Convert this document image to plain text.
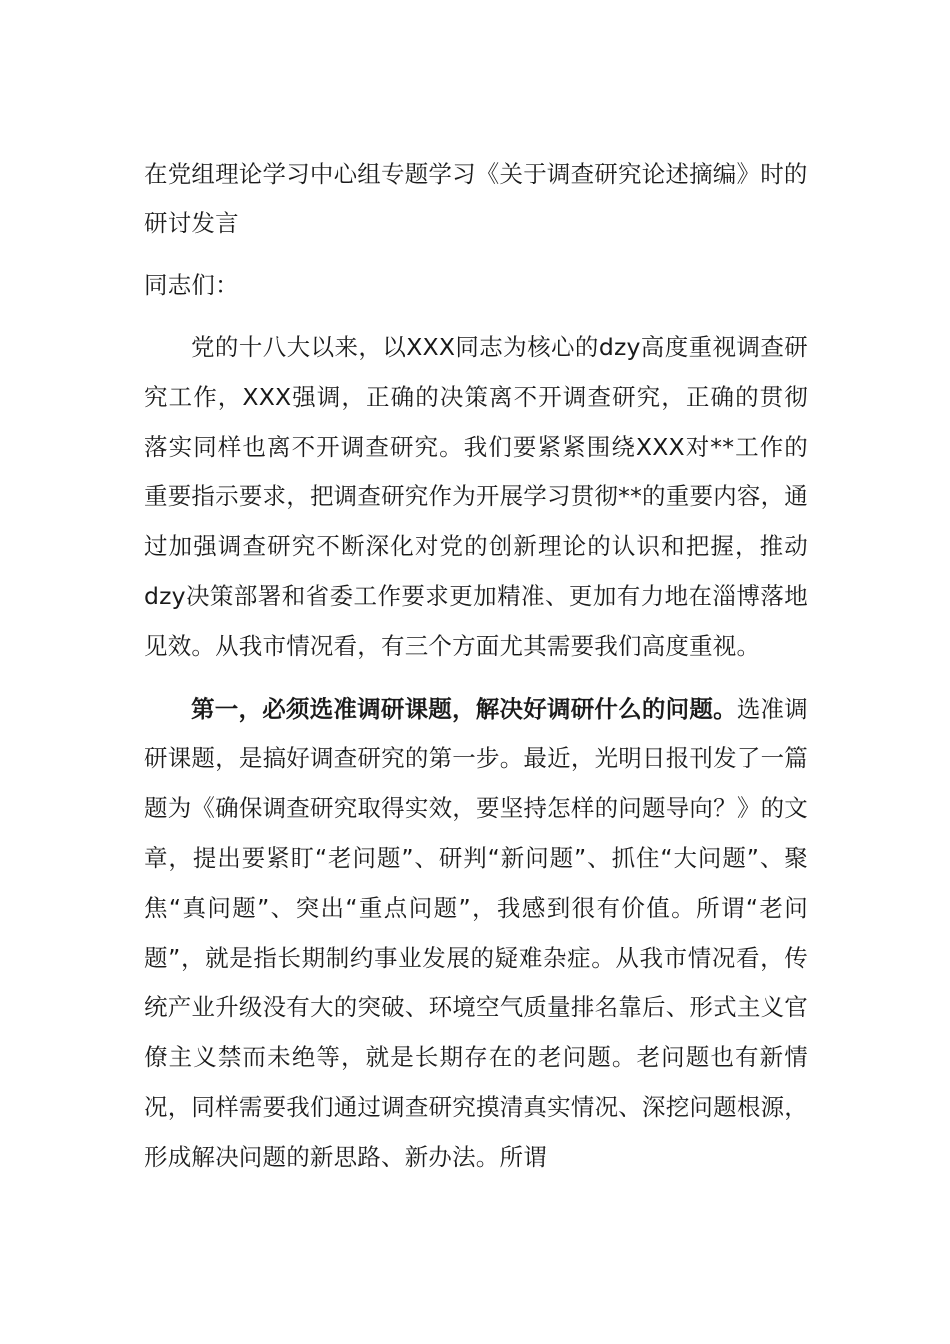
在党组理论学习中心组专题学习《关于调查研究论述摘编》时的研讨发言

同志们：

党的十八大以来，以XXX同志为核心的dzy高度重视调查研究工作，XXX强调，正确的决策离不开调查研究，正确的贯彻落实同样也离不开调查研究。我们要紧紧围绕XXX对**工作的重要指示要求，把调查研究作为开展学习贯彻**的重要内容，通过加强调查研究不断深化对党的创新理论的认识和把握，推动dzy决策部署和省委工作要求更加精准、更加有力地在淄博落地见效。从我市情况看，有三个方面尤其需要我们高度重视。

第一，必须选准调研课题，解决好调研什么的问题。选准调研课题，是搞好调查研究的第一步。最近，光明日报刊发了一篇题为《确保调查研究取得实效，要坚持怎样的问题导向？》的文章，提出要紧盯“老问题”、研判“新问题”、抓住“大问题”、聚焦“真问题”、突出“重点问题”，我感到很有价值。所谓“老问题”，就是指长期制约事业发展的疑难杂症。从我市情况看，传统产业升级没有大的突破、环境空气质量排名靠后、形式主义官僚主义禁而未绝等，就是长期存在的老问题。老问题也有新情况，同样需要我们通过调查研究摸清真实情况、深挖问题根源，形成解决问题的新思路、新办法。所谓
